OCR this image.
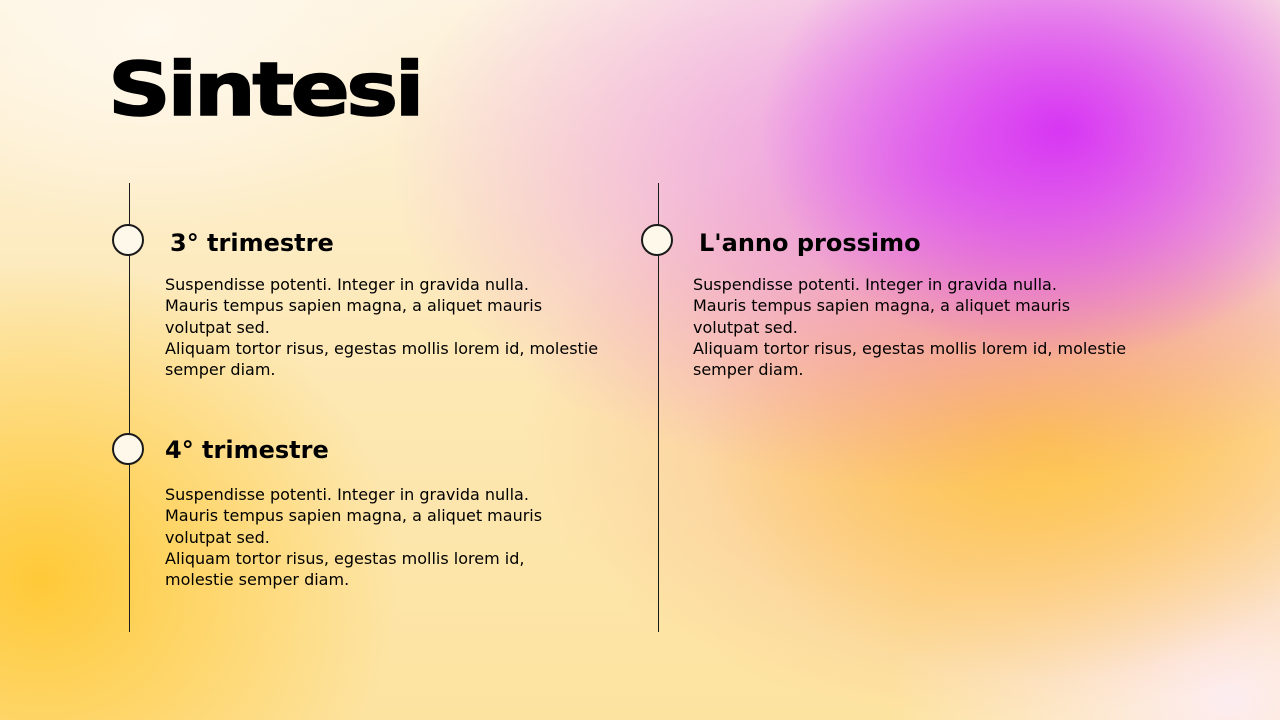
Sintesi
3° trimestre
Suspendisse potenti. Integer in gravida nulla.
Mauris tempus sapien magna, a aliquet mauris
volutpat sed.
Aliquam tortor risus, egestas mollis lorem id, molestie
semper diam.
4° trimestre
Suspendisse potenti. Integer in gravida nulla.
Mauris tempus sapien magna, a aliquet mauris
volutpat sed.
Aliquam tortor risus, egestas mollis lorem id,
molestie semper diam.
L'anno prossimo
Suspendisse potenti. Integer in gravida nulla.
Mauris tempus sapien magna, a aliquet mauris
volutpat sed.
Aliquam tortor risus, egestas mollis lorem id, molestie
semper diam.
